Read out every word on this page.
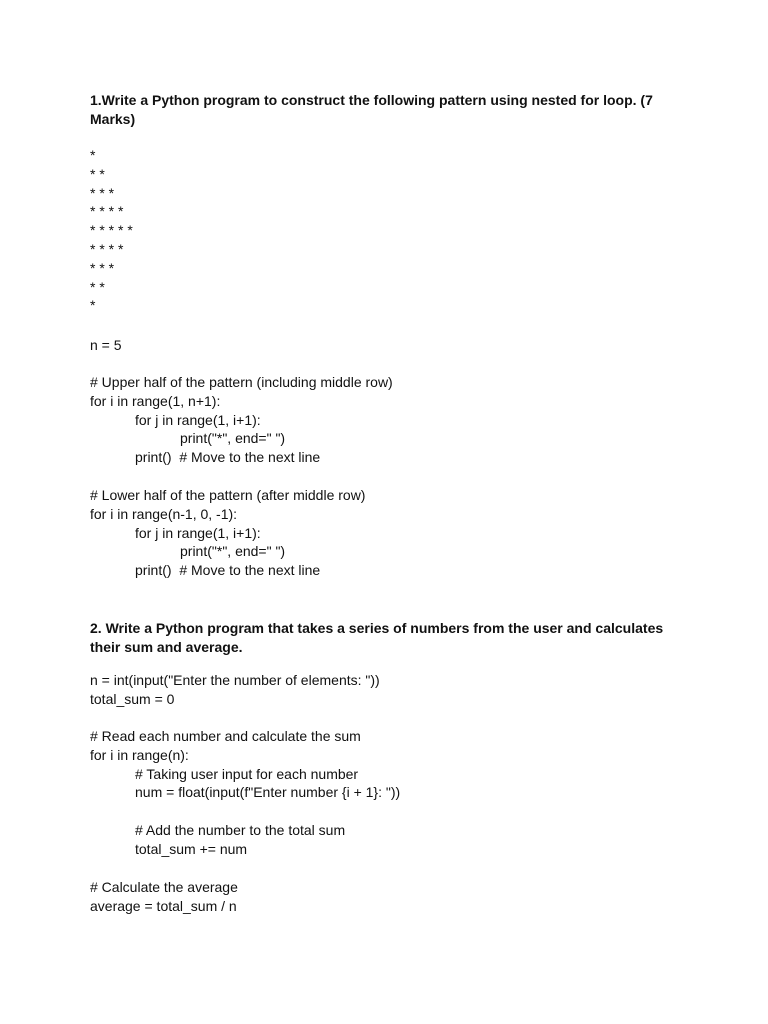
1.Write a Python program to construct the following pattern using nested for loop. (7 Marks)

*
* *
* * *
* * * *
* * * * *
* * * *
* * *
* *
*
n = 5
# Upper half of the pattern (including middle row)
for i in range(1, n+1):
for j in range(1, i+1):
print("*", end=" ")
print()  # Move to the next line
# Lower half of the pattern (after middle row)
for i in range(n-1, 0, -1):
for j in range(1, i+1):
print("*", end=" ")
print()  # Move to the next line

2. Write a Python program that takes a series of numbers from the user and calculates their sum and average.

n = int(input("Enter the number of elements: "))
total_sum = 0
# Read each number and calculate the sum
for i in range(n):
# Taking user input for each number
num = float(input(f"Enter number {i + 1}: "))
# Add the number to the total sum
total_sum += num
# Calculate the average
average = total_sum / n
